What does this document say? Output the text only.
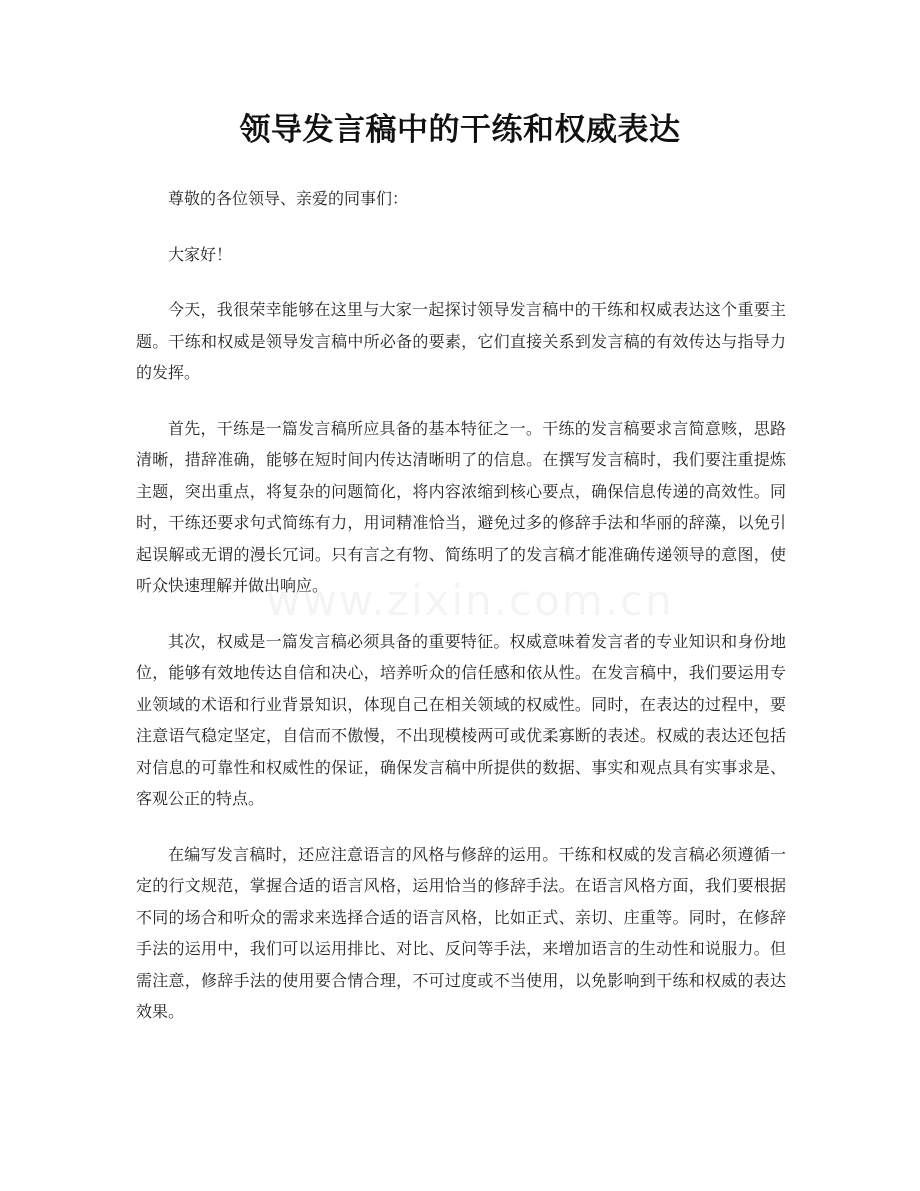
领导发言稿中的干练和权威表达

尊敬的各位领导、亲爱的同事们：

大家好！

今天，我很荣幸能够在这里与大家一起探讨领导发言稿中的干练和权威表达这个重要主题。干练和权威是领导发言稿中所必备的要素，它们直接关系到发言稿的有效传达与指导力的发挥。

首先，干练是一篇发言稿所应具备的基本特征之一。干练的发言稿要求言简意赅，思路清晰，措辞准确，能够在短时间内传达清晰明了的信息。在撰写发言稿时，我们要注重提炼主题，突出重点，将复杂的问题简化，将内容浓缩到核心要点，确保信息传递的高效性。同时，干练还要求句式简练有力，用词精准恰当，避免过多的修辞手法和华丽的辞藻，以免引起误解或无谓的漫长冗词。只有言之有物、简练明了的发言稿才能准确传递领导的意图，使听众快速理解并做出响应。

其次，权威是一篇发言稿必须具备的重要特征。权威意味着发言者的专业知识和身份地位，能够有效地传达自信和决心，培养听众的信任感和依从性。在发言稿中，我们要运用专业领域的术语和行业背景知识，体现自己在相关领域的权威性。同时，在表达的过程中，要注意语气稳定坚定，自信而不傲慢，不出现模棱两可或优柔寡断的表述。权威的表达还包括对信息的可靠性和权威性的保证，确保发言稿中所提供的数据、事实和观点具有实事求是、客观公正的特点。

在编写发言稿时，还应注意语言的风格与修辞的运用。干练和权威的发言稿必须遵循一定的行文规范，掌握合适的语言风格，运用恰当的修辞手法。在语言风格方面，我们要根据不同的场合和听众的需求来选择合适的语言风格，比如正式、亲切、庄重等。同时，在修辞手法的运用中，我们可以运用排比、对比、反问等手法，来增加语言的生动性和说服力。但需注意，修辞手法的使用要合情合理，不可过度或不当使用，以免影响到干练和权威的表达效果。
